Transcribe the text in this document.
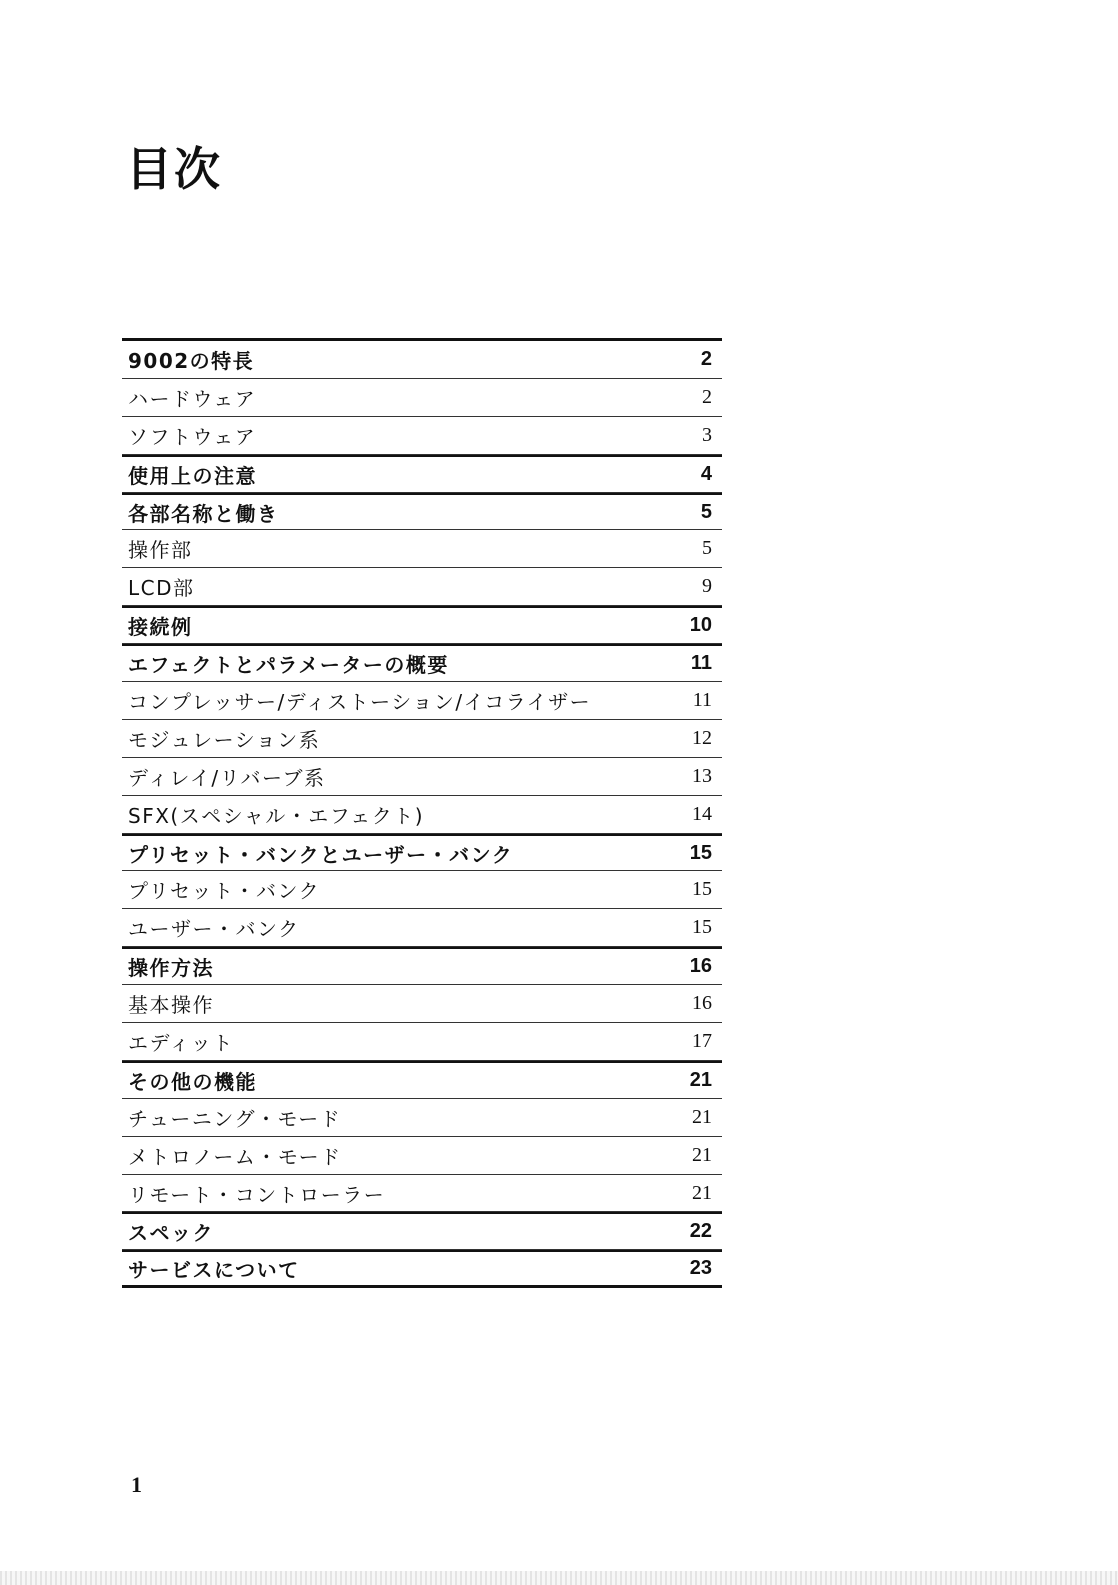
目次
9002の特長	2
ハードウェア	2
ソフトウェア	3
使用上の注意	4
各部名称と働き	5
操作部	5
LCD部	9
接続例	10
エフェクトとパラメーターの概要	11
コンプレッサー/ディストーション/イコライザー	11
モジュレーション系	12
ディレイ/リバーブ系	13
SFX(スペシャル・エフェクト)	14
プリセット・バンクとユーザー・バンク	15
プリセット・バンク	15
ユーザー・バンク	15
操作方法	16
基本操作	16
エディット	17
その他の機能	21
チューニング・モード	21
メトロノーム・モード	21
リモート・コントローラー	21
スペック	22
サービスについて	23
1
